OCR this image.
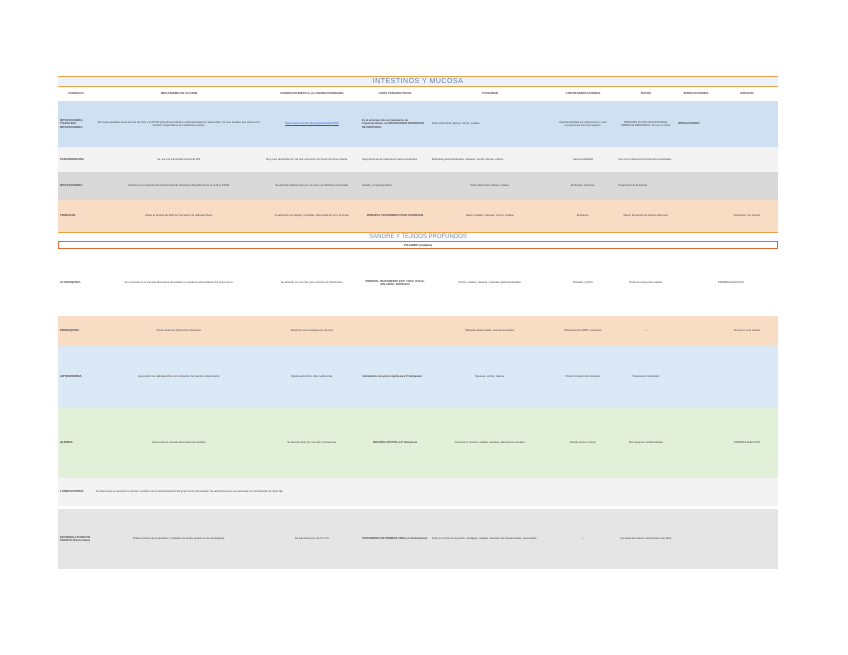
INTESTINOS Y MUCOSA
FARMACO	MECANISMO DE ACCION	FARMACOCINETICA y/o FARMACODINAMIA	USOS TERAPEUTICOS	TOXICIDAD	CONTRAINDICACIONES	DATOS	INTERACCIONES	ESPACIO
NITAZOXANIDA, TIAZOLIDA NITAZOXANIDA	Se inspira probablemente al nivel del ciclo y el PFOR (piruvato-ferredoxina oxidorreductasa) en anaerobios. Se cree también que actúa como ionóforo. Dependiente de metabolismo activo.	https://www.ncbi.nlm.nih.gov/pmc/articles/PMC	Es el principal sitio de tratamiento de Cryptosporidium, en NITAZOXANIDA DESORCION DE PROTOZOO.	Dolor abdominal, diarrea, vómito, cefalea.	Hipersensibilidad al medicamento o a los componentes de la formulación.	PRINCIPIO ACTIVO NITAZOXANIDA, FARMACIA PEDIATRICA. Se usa en niños.	INTERACCIONES	
PAROMOMICINA	Se une a la subunidad ribosomal 30S.	Muy poco absorbida por vía oral; excreción por heces de forma intacta.	Segunda línea de tratamiento para la amebiasis.	Molestias gastrointestinales, náuseas, vómito, diarrea, cólicos.	Hipersensibilidad	Uso como tratamiento luminal de la amebiasis.		
NITAZOXANIDA	Interfiere en la reacción de transferencia de electrones dependiente de la enzima PFOR.	Se absorbe rápidamente por vía oral y se hidroliza a tizoxanida.	Giardia y Cryptosporidium.	Dolor abdominal, diarrea, cefalea.	Embarazo, lactancia.	Tratamiento de la diarrea.		
TINIDAZOL	Inhibe la síntesis de ADN por formación de radicales libres.	La absorción es rápida y completa. Vida media de 12 a 14 horas.	PRINCIPAL TRATAMIENTO PARA GIARDIASIS	Sabor metálico, náuseas, vómito, cefalea.	Embarazo.	Menor frecuencia de efectos adversos.		Interacción con alcohol.
SANGRE Y TEJIDOS PROFUNDOS
FILAGRIO (malaria)
CLOROQUINA	Se concentra en la vacuola alimentaria del parásito e impide la polimerización del grupo hemo.	Se absorbe por vía oral; gran volumen de distribución.	PRINCIPAL TRATAMIENTO EN P. VIVAX, OVALE, MALARIAE, KNOWLESI	Prurito, cefalea, náuseas, molestias gastrointestinales.	Psoriasis, porfiria.	Dosis de carga para malaria.		PRIMERA ELECCION
PRIMAQUINA	Actúa contra los hipnozoítos hepáticos.	Absorción casi completa por vía oral.		Molestias abdominales, anemia hemolítica.	Deficiencia de G6PD, embarazo.	—		Se usa en cura radical.
ARTEMISININA	Generación de radicales libres por activación del puente endoperóxido.	Rápida absorción; vida media corta.	Antimalárico de acción rápida para P. falciparum.	Náuseas, vómito, diarrea.	Primer trimestre del embarazo.	Tratamiento combinado.		
QUININA	Actúa sobre la vacuola alimentaria del parásito.	Se absorbe bien por vía oral o intravenosa.	SEGUNDA OPCION en P. falciparum	Cinconismo: tinnitus, cefalea, náuseas, alteraciones visuales.	Neuritis óptica, tinnitus.	Alto riesgo de cardiotoxicidad.		PRIMERA ELECCION
LUMEFANTRINA	Se desconoce el mecanismo preciso; interfiere con la desintoxicación del grupo hemo del parásito. Se administra junto con arteméter en combinación de dosis fija.							

ESTIBOGLUCONATO SODICO (Pentostam)	Inhibe enzimas de la glucólisis y oxidación de ácidos grasos en los amastigotes.	Se administra por vía IV o IM.	TRATAMIENTO DE PRIMERA LINEA en leishmaniasis.	Dolor en el sitio de inyección, artralgias, mialgias, elevación de transaminasas, pancreatitis.	—	Los pacientes deben monitorizarse con ECG.		
